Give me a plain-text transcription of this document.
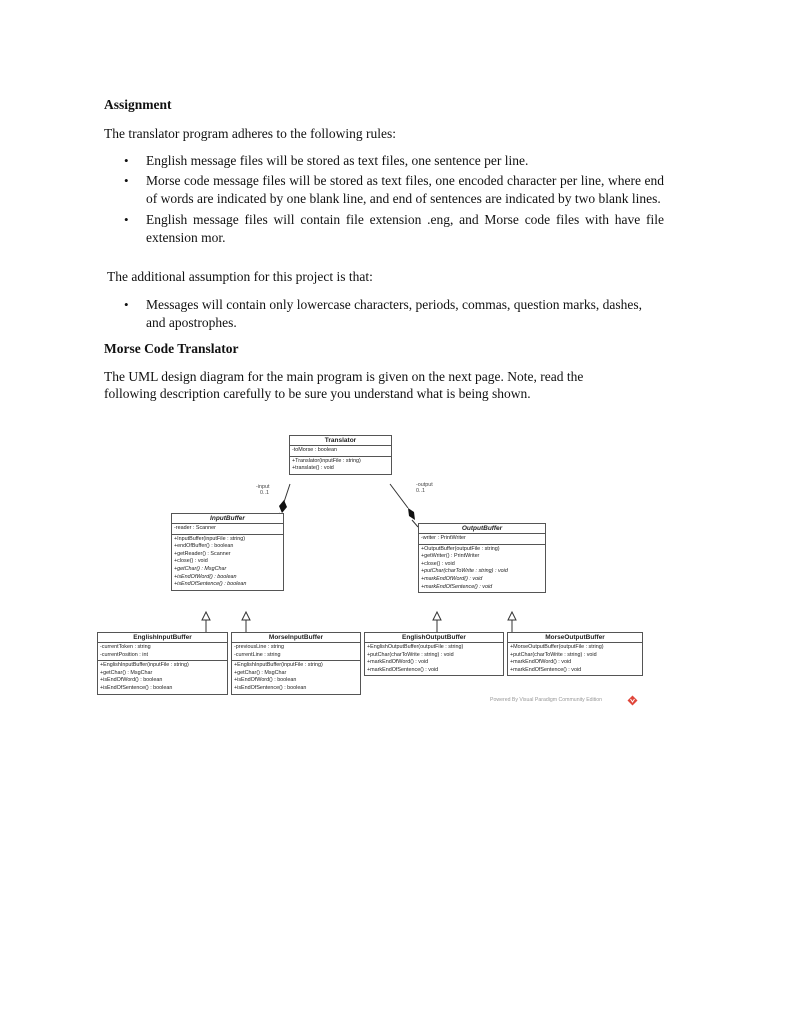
Assignment

The translator program adheres to the following rules:

• English message files will be stored as text files, one sentence per line.
• Morse code message files will be stored as text files, one encoded character per line, where end of words are indicated by one blank line, and end of sentences are indicated by two blank lines.
• English message files will contain file extension .eng, and Morse code files with have file extension mor.

The additional assumption for this project is that:

• Messages will contain only lowercase characters, periods, commas, question marks, dashes, and apostrophes.
Morse Code Translator

The UML design diagram for the main program is given on the next page. Note, read the following description carefully to be sure you understand what is being shown.

Translator
-toMorse : boolean
+Translator(inputFile : string)
+translate() : void
-input
0..1
-output
0..1
InputBuffer
-reader : Scanner
+InputBuffer(inputFile : string)
+endOfBuffer() : boolean
+getReader() : Scanner
+close() : void
+getChar() : MsgChar
+isEndOfWord() : boolean
+isEndOfSentence() : boolean
OutputBuffer
-writer : PrintWriter
+OutputBuffer(outputFile : string)
+getWriter() : PrintWriter
+close() : void
+putChar(charToWrite : string) : void
+markEndOfWord() : void
+markEndOfSentence() : void
EnglishInputBuffer
-currentToken : string
-currentPosition : int
+EnglishInputBuffer(inputFile : string)
+getChar() : MsgChar
+isEndOfWord() : boolean
+isEndOfSentence() : boolean
MorseInputBuffer
-previousLine : string
-currentLine : string
+EnglishInputBuffer(inputFile : string)
+getChar() : MsgChar
+isEndOfWord() : boolean
+isEndOfSentence() : boolean
EnglishOutputBuffer
+EnglishOutputBuffer(outputFile : string)
+putChar(charToWrite : string) : void
+markEndOfWord() : void
+markEndOfSentence() : void
MorseOutputBuffer
+MorseOutputBuffer(outputFile : string)
+putChar(charToWrite : string) : void
+markEndOfWord() : void
+markEndOfSentence() : void
Powered By Visual Paradigm Community Edition
